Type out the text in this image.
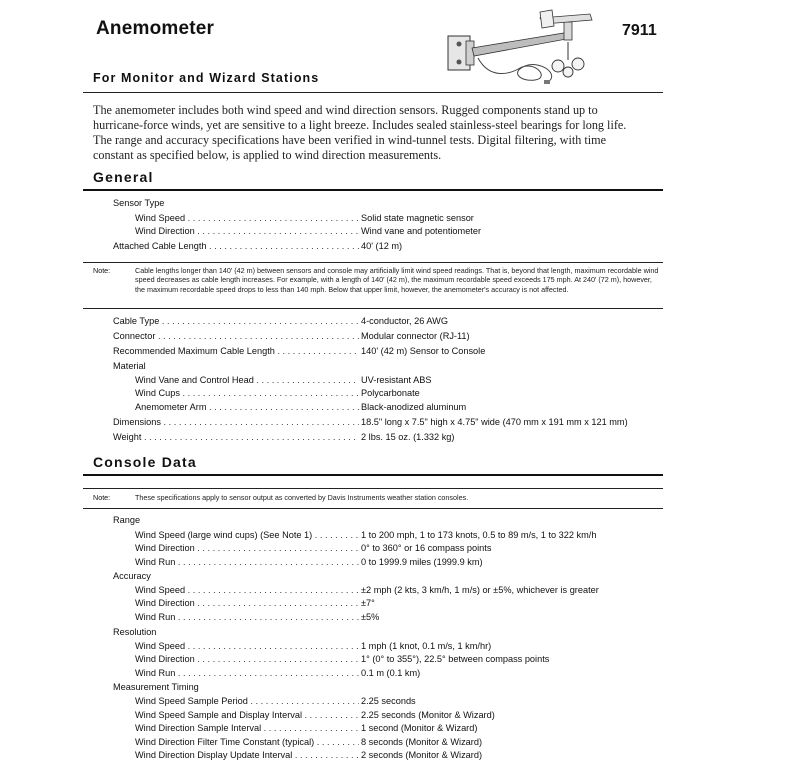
Anemometer	7911
For Monitor and Wizard Stations
The anemometer includes both wind speed and wind direction sensors. Rugged components stand up to hurricane-force winds, yet are sensitive to a light breeze. Includes sealed stainless-steel bearings for long life. The range and accuracy specifications have been verified in wind-tunnel tests. Digital filtering, with time constant as specified below, is applied to wind direction measurements.
General
Sensor Type
Wind Speed . . .	Solid state magnetic sensor
Wind Direction . . .	Wind vane and potentiometer
Attached Cable Length . . .	40' (12 m)
Note:	Cable lengths longer than 140' (42 m) between sensors and console may artificially limit wind speed readings. That is, beyond that length, maximum recordable wind speed decreases as cable length increases. For example, with a length of 140' (42 m), the maximum recordable speed exceeds 175 mph. At 240' (72 m), however, the maximum recordable speed drops to less than 140 mph. Below that upper limit, however, the anemometer's accuracy is not affected.
Cable Type . . .	4-conductor, 26 AWG
Connector . . .	Modular connector (RJ-11)
Recommended Maximum Cable Length . . .	140' (42 m) Sensor to Console
Material
Wind Vane and Control Head . . .	UV-resistant ABS
Wind Cups . . .	Polycarbonate
Anemometer Arm . . .	Black-anodized aluminum
Dimensions . . .	18.5" long x 7.5" high x 4.75" wide (470 mm x 191 mm x 121 mm)
Weight . . .	2 lbs. 15 oz. (1.332 kg)
Console Data
Note:	These specifications apply to sensor output as converted by Davis Instruments weather station consoles.
Range
Wind Speed (large wind cups) (See Note 1) . . .	1 to 200 mph, 1 to 173 knots, 0.5 to 89 m/s, 1 to 322 km/h
Wind Direction . . .	0° to 360° or 16 compass points
Wind Run . . .	0 to 1999.9 miles (1999.9 km)
Accuracy
Wind Speed . . .	±2 mph (2 kts, 3 km/h, 1 m/s) or ±5%, whichever is greater
Wind Direction . . .	±7°
Wind Run . . .	±5%
Resolution
Wind Speed . . .	1 mph (1 knot, 0.1 m/s, 1 km/hr)
Wind Direction . . .	1° (0° to 355°), 22.5° between compass points
Wind Run . . .	0.1 m (0.1 km)
Measurement Timing
Wind Speed Sample Period . . .	2.25 seconds
Wind Speed Sample and Display Interval . . .	2.25 seconds (Monitor & Wizard)
Wind Direction Sample Interval . . .	1 second (Monitor & Wizard)
Wind Direction Filter Time Constant (typical) . . .	8 seconds (Monitor & Wizard)
Wind Direction Display Update Interval . . .	2 seconds (Monitor & Wizard)
